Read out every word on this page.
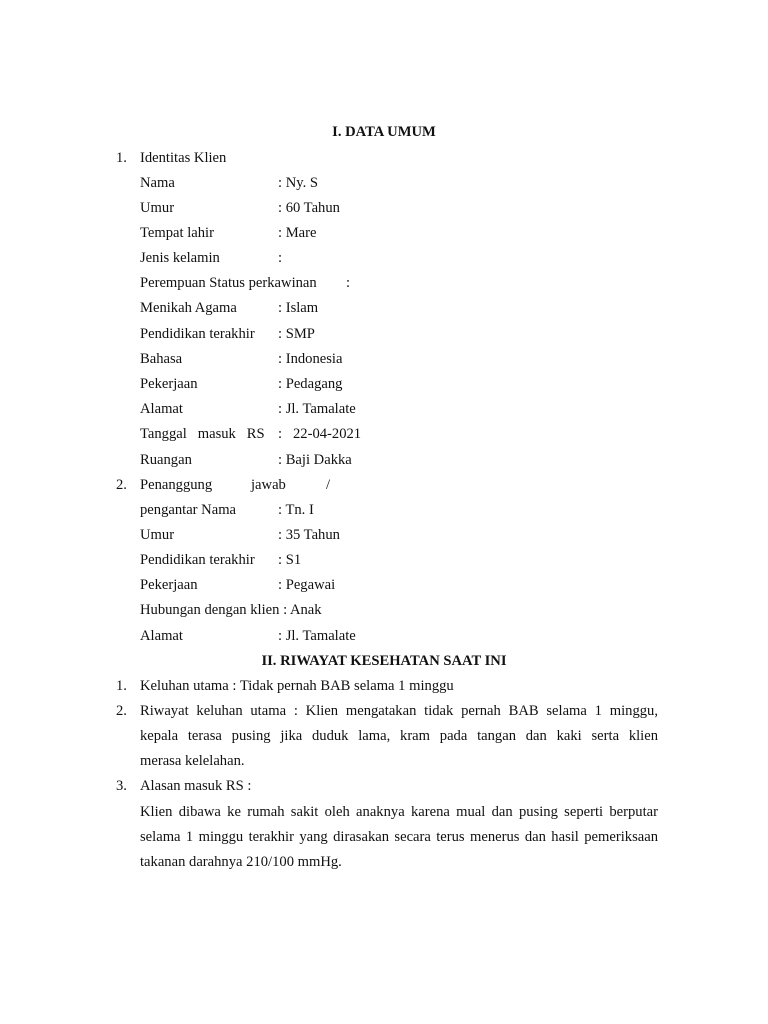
I. DATA UMUM
1. Identitas Klien
Nama	: Ny. S
Umur	: 60 Tahun
Tempat lahir	: Mare
Jenis kelamin	:
Perempuan Status perkawinan :
Menikah Agama	: Islam
Pendidikan terakhir : SMP
Bahasa	: Indonesia
Pekerjaan	: Pedagang
Alamat	: Jl. Tamalate
Tanggal   masuk   RS :   22-04-2021
Ruangan	: Baji Dakka
2. Penanggung	jawab	/
pengantar Nama	: Tn. I
Umur	: 35 Tahun
Pendidikan terakhir : S1
Pekerjaan	: Pegawai
Hubungan dengan klien : Anak
Alamat	: Jl. Tamalate
II. RIWAYAT KESEHATAN SAAT INI
1. Keluhan utama : Tidak pernah BAB selama 1 minggu
2. Riwayat keluhan utama : Klien mengatakan tidak pernah BAB selama 1 minggu,
kepala terasa pusing jika duduk lama, kram pada tangan dan kaki serta klien
merasa kelelahan.
3. Alasan masuk RS :
Klien dibawa ke rumah sakit oleh anaknya karena mual dan pusing seperti berputar
selama 1 minggu terakhir yang dirasakan secara terus menerus dan hasil pemeriksaan
takanan darahnya 210/100 mmHg.
